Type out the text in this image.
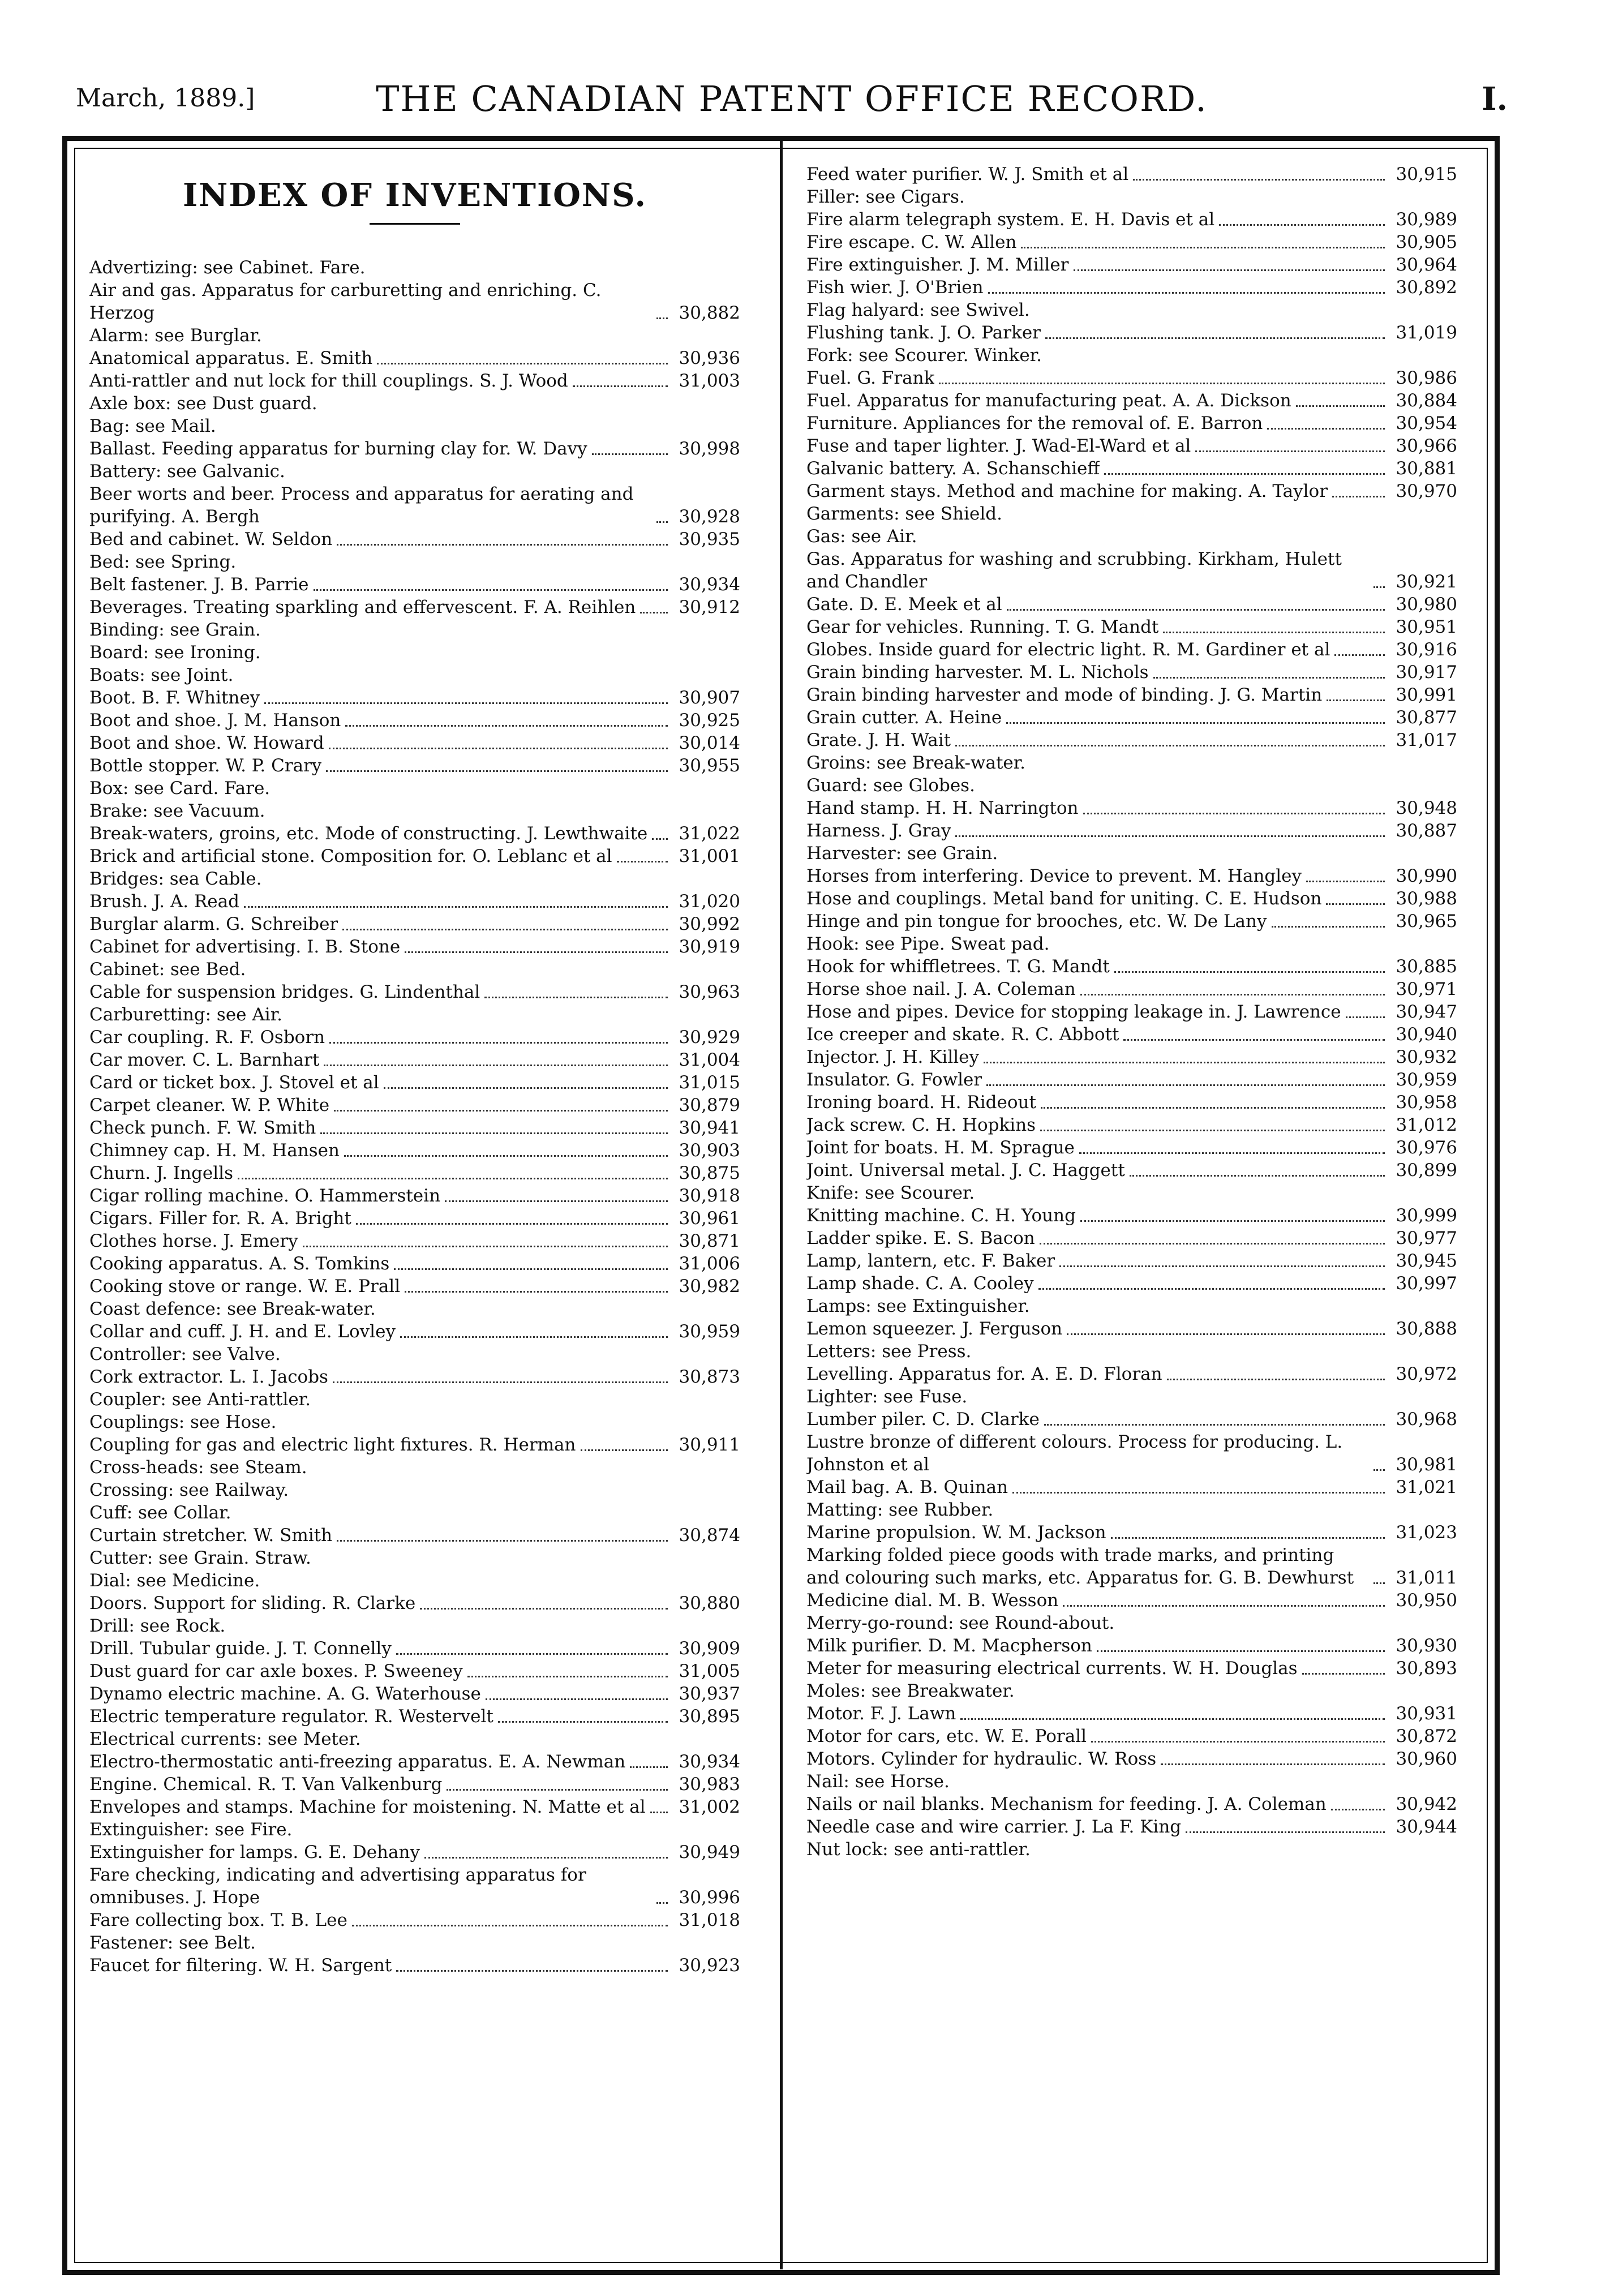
March, 1889.]	THE CANADIAN PATENT OFFICE RECORD.	I.
INDEX OF INVENTIONS.
Advertizing: see Cabinet. Fare.
Air and gas. Apparatus for carburetting and enriching. C. Herzog	30,882
Alarm: see Burglar.
Anatomical apparatus. E. Smith	30,936
Anti-rattler and nut lock for thill couplings. S. J. Wood	31,003
Axle box: see Dust guard.
Bag: see Mail.
Ballast. Feeding apparatus for burning clay for. W. Davy	30,998
Battery: see Galvanic.
Beer worts and beer. Process and apparatus for aerating and purifying. A. Bergh	30,928
Bed and cabinet. W. Seldon	30,935
Bed: see Spring.
Belt fastener. J. B. Parrie	30,934
Beverages. Treating sparkling and effervescent. F. A. Reihlen	30,912
Binding: see Grain.
Board: see Ironing.
Boats: see Joint.
Boot. B. F. Whitney	30,907
Boot and shoe. J. M. Hanson	30,925
Boot and shoe. W. Howard	30,014
Bottle stopper. W. P. Crary	30,955
Box: see Card. Fare.
Brake: see Vacuum.
Break-waters, groins, etc. Mode of constructing. J. Lewthwaite	31,022
Brick and artificial stone. Composition for. O. Leblanc et al	31,001
Bridges: sea Cable.
Brush. J. A. Read	31,020
Burglar alarm. G. Schreiber	30,992
Cabinet for advertising. I. B. Stone	30,919
Cabinet: see Bed.
Cable for suspension bridges. G. Lindenthal	30,963
Carburetting: see Air.
Car coupling. R. F. Osborn	30,929
Car mover. C. L. Barnhart	31,004
Card or ticket box. J. Stovel et al	31,015
Carpet cleaner. W. P. White	30,879
Check punch. F. W. Smith	30,941
Chimney cap. H. M. Hansen	30,903
Churn. J. Ingells	30,875
Cigar rolling machine. O. Hammerstein	30,918
Cigars. Filler for. R. A. Bright	30,961
Clothes horse. J. Emery	30,871
Cooking apparatus. A. S. Tomkins	31,006
Cooking stove or range. W. E. Prall	30,982
Coast defence: see Break-water.
Collar and cuff. J. H. and E. Lovley	30,959
Controller: see Valve.
Cork extractor. L. I. Jacobs	30,873
Coupler: see Anti-rattler.
Couplings: see Hose.
Coupling for gas and electric light fixtures. R. Herman	30,911
Cross-heads: see Steam.
Crossing: see Railway.
Cuff: see Collar.
Curtain stretcher. W. Smith	30,874
Cutter: see Grain. Straw.
Dial: see Medicine.
Doors. Support for sliding. R. Clarke	30,880
Drill: see Rock.
Drill. Tubular guide. J. T. Connelly	30,909
Dust guard for car axle boxes. P. Sweeney	31,005
Dynamo electric machine. A. G. Waterhouse	30,937
Electric temperature regulator. R. Westervelt	30,895
Electrical currents: see Meter.
Electro-thermostatic anti-freezing apparatus. E. A. Newman	30,934
Engine. Chemical. R. T. Van Valkenburg	30,983
Envelopes and stamps. Machine for moistening. N. Matte et al	31,002
Extinguisher: see Fire.
Extinguisher for lamps. G. E. Dehany	30,949
Fare checking, indicating and advertising apparatus for omnibuses. J. Hope	30,996
Fare collecting box. T. B. Lee	31,018
Fastener: see Belt.
Faucet for filtering. W. H. Sargent	30,923
Feed water purifier. W. J. Smith et al	30,915
Filler: see Cigars.
Fire alarm telegraph system. E. H. Davis et al	30,989
Fire escape. C. W. Allen	30,905
Fire extinguisher. J. M. Miller	30,964
Fish wier. J. O'Brien	30,892
Flag halyard: see Swivel.
Flushing tank. J. O. Parker	31,019
Fork: see Scourer. Winker.
Fuel. G. Frank	30,986
Fuel. Apparatus for manufacturing peat. A. A. Dickson	30,884
Furniture. Appliances for the removal of. E. Barron	30,954
Fuse and taper lighter. J. Wad-El-Ward et al	30,966
Galvanic battery. A. Schanschieff	30,881
Garment stays. Method and machine for making. A. Taylor	30,970
Garments: see Shield.
Gas: see Air.
Gas. Apparatus for washing and scrubbing. Kirkham, Hulett and Chandler	30,921
Gate. D. E. Meek et al	30,980
Gear for vehicles. Running. T. G. Mandt	30,951
Globes. Inside guard for electric light. R. M. Gardiner et al	30,916
Grain binding harvester. M. L. Nichols	30,917
Grain binding harvester and mode of binding. J. G. Martin	30,991
Grain cutter. A. Heine	30,877
Grate. J. H. Wait	31,017
Groins: see Break-water.
Guard: see Globes.
Hand stamp. H. H. Narrington	30,948
Harness. J. Gray	30,887
Harvester: see Grain.
Horses from interfering. Device to prevent. M. Hangley	30,990
Hose and couplings. Metal band for uniting. C. E. Hudson	30,988
Hinge and pin tongue for brooches, etc. W. De Lany	30,965
Hook: see Pipe. Sweat pad.
Hook for whiffletrees. T. G. Mandt	30,885
Horse shoe nail. J. A. Coleman	30,971
Hose and pipes. Device for stopping leakage in. J. Lawrence	30,947
Ice creeper and skate. R. C. Abbott	30,940
Injector. J. H. Killey	30,932
Insulator. G. Fowler	30,959
Ironing board. H. Rideout	30,958
Jack screw. C. H. Hopkins	31,012
Joint for boats. H. M. Sprague	30,976
Joint. Universal metal. J. C. Haggett	30,899
Knife: see Scourer.
Knitting machine. C. H. Young	30,999
Ladder spike. E. S. Bacon	30,977
Lamp, lantern, etc. F. Baker	30,945
Lamp shade. C. A. Cooley	30,997
Lamps: see Extinguisher.
Lemon squeezer. J. Ferguson	30,888
Letters: see Press.
Levelling. Apparatus for. A. E. D. Floran	30,972
Lighter: see Fuse.
Lumber piler. C. D. Clarke	30,968
Lustre bronze of different colours. Process for producing. L. Johnston et al	30,981
Mail bag. A. B. Quinan	31,021
Matting: see Rubber.
Marine propulsion. W. M. Jackson	31,023
Marking folded piece goods with trade marks, and printing and colouring such marks, etc. Apparatus for. G. B. Dewhurst	31,011
Medicine dial. M. B. Wesson	30,950
Merry-go-round: see Round-about.
Milk purifier. D. M. Macpherson	30,930
Meter for measuring electrical currents. W. H. Douglas	30,893
Moles: see Breakwater.
Motor. F. J. Lawn	30,931
Motor for cars, etc. W. E. Porall	30,872
Motors. Cylinder for hydraulic. W. Ross	30,960
Nail: see Horse.
Nails or nail blanks. Mechanism for feeding. J. A. Coleman	30,942
Needle case and wire carrier. J. La F. King	30,944
Nut lock: see anti-rattler.
